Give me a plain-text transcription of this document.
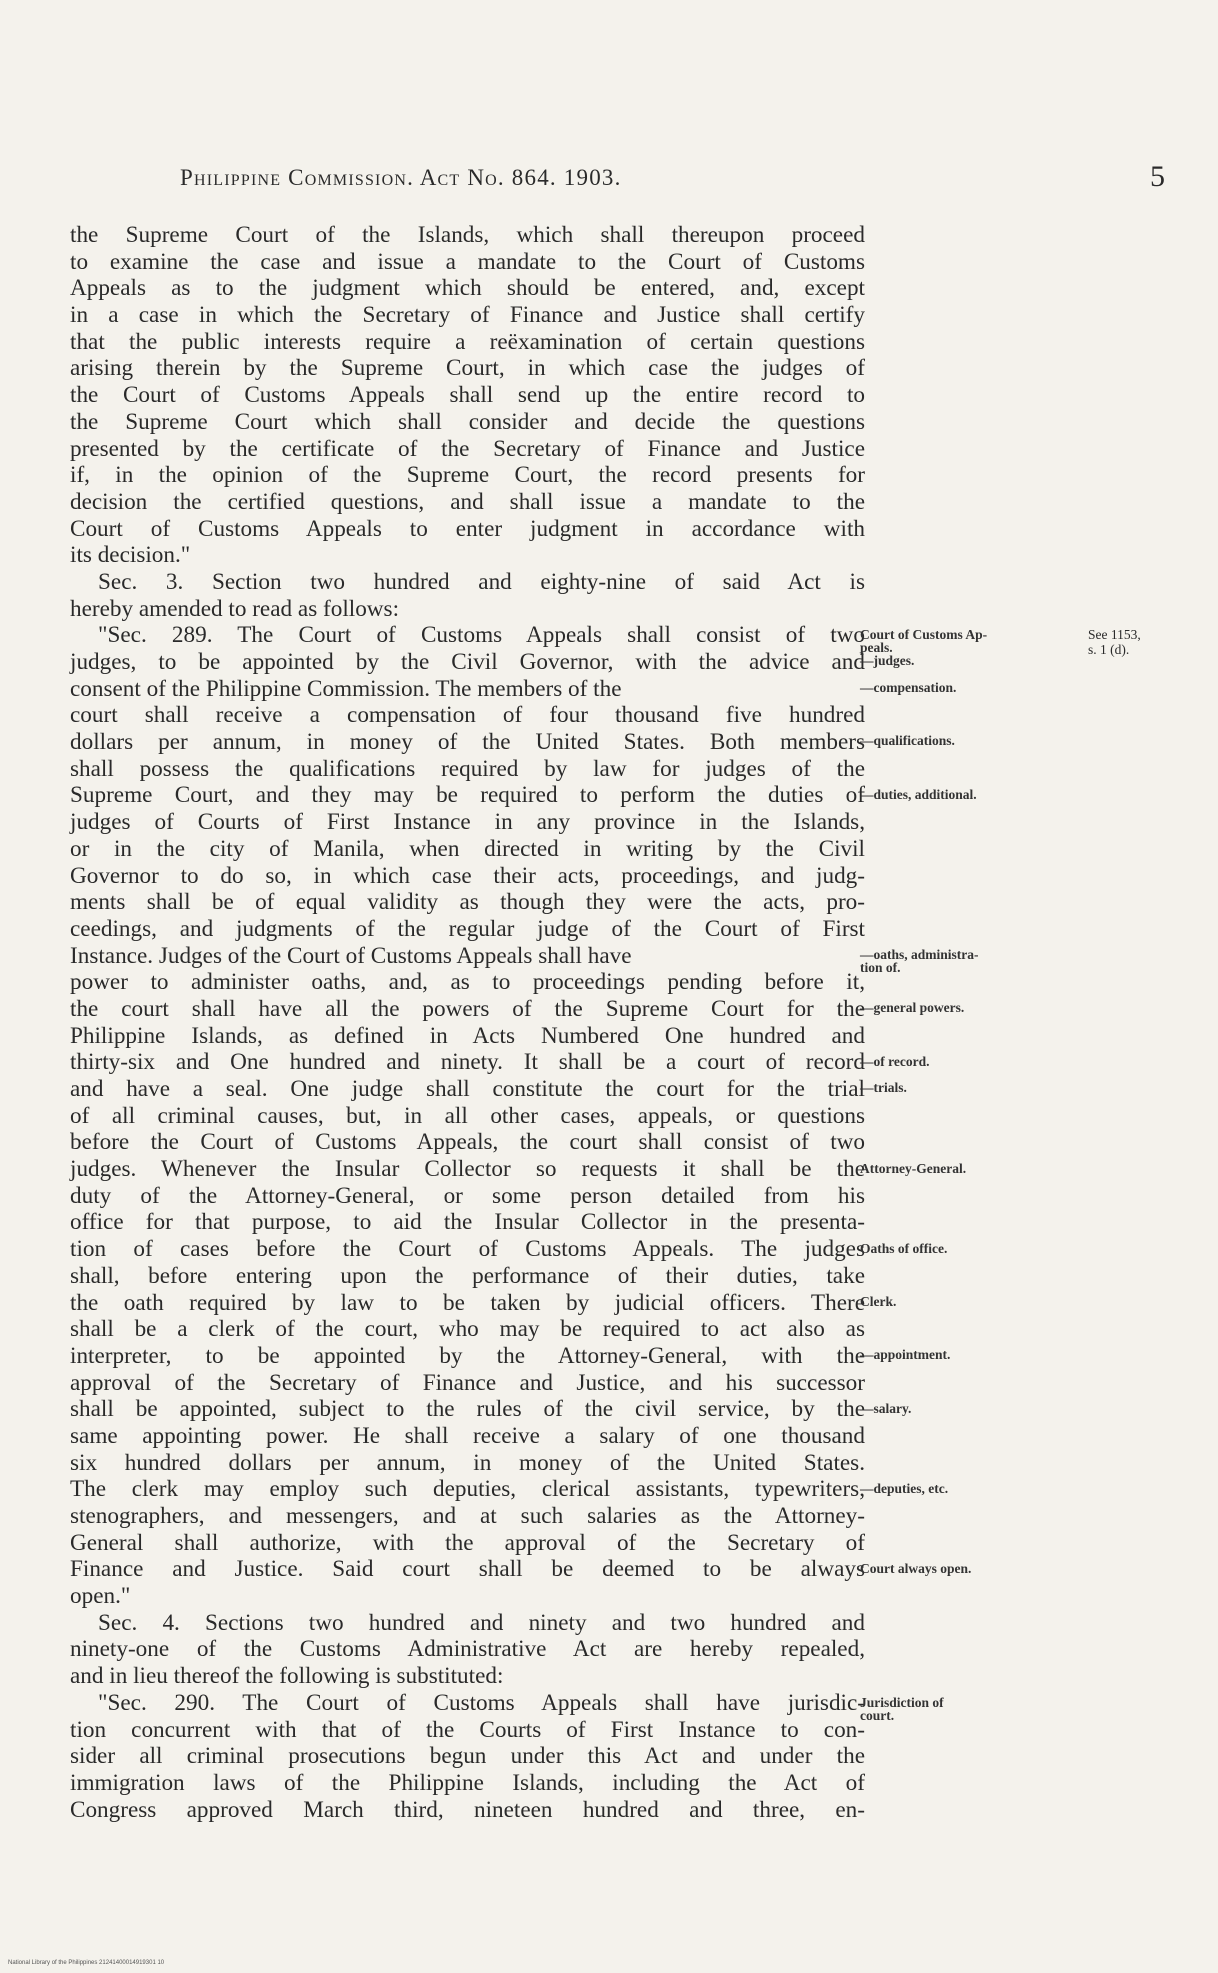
Philippine Commission. Act No. 864. 1903.	5
the Supreme Court of the Islands, which shall thereupon proceed
to examine the case and issue a mandate to the Court of Customs
Appeals as to the judgment which should be entered, and, except
in a case in which the Secretary of Finance and Justice shall certify
that the public interests require a reëxamination of certain questions
arising therein by the Supreme Court, in which case the judges of
the Court of Customs Appeals shall send up the entire record to
the Supreme Court which shall consider and decide the questions
presented by the certificate of the Secretary of Finance and Justice
if, in the opinion of the Supreme Court, the record presents for
decision the certified questions, and shall issue a mandate to the
Court of Customs Appeals to enter judgment in accordance with
its decision."
Sec. 3. Section two hundred and eighty-nine of said Act is
hereby amended to read as follows:
"Sec. 289. The Court of Customs Appeals shall consist of two
judges, to be appointed by the Civil Governor, with the advice and
consent of the Philippine Commission. The members of the
court shall receive a compensation of four thousand five hundred
dollars per annum, in money of the United States. Both members
shall possess the qualifications required by law for judges of the
Supreme Court, and they may be required to perform the duties of
judges of Courts of First Instance in any province in the Islands,
or in the city of Manila, when directed in writing by the Civil
Governor to do so, in which case their acts, proceedings, and judg-
ments shall be of equal validity as though they were the acts, pro-
ceedings, and judgments of the regular judge of the Court of First
Instance. Judges of the Court of Customs Appeals shall have
power to administer oaths, and, as to proceedings pending before it,
the court shall have all the powers of the Supreme Court for the
Philippine Islands, as defined in Acts Numbered One hundred and
thirty-six and One hundred and ninety. It shall be a court of record
and have a seal. One judge shall constitute the court for the trial
of all criminal causes, but, in all other cases, appeals, or questions
before the Court of Customs Appeals, the court shall consist of two
judges. Whenever the Insular Collector so requests it shall be the
duty of the Attorney-General, or some person detailed from his
office for that purpose, to aid the Insular Collector in the presenta-
tion of cases before the Court of Customs Appeals. The judges
shall, before entering upon the performance of their duties, take
the oath required by law to be taken by judicial officers. There
shall be a clerk of the court, who may be required to act also as
interpreter, to be appointed by the Attorney-General, with the
approval of the Secretary of Finance and Justice, and his successor
shall be appointed, subject to the rules of the civil service, by the
same appointing power. He shall receive a salary of one thousand
six hundred dollars per annum, in money of the United States.
The clerk may employ such deputies, clerical assistants, typewriters,
stenographers, and messengers, and at such salaries as the Attorney-
General shall authorize, with the approval of the Secretary of
Finance and Justice. Said court shall be deemed to be always
open."
Sec. 4. Sections two hundred and ninety and two hundred and
ninety-one of the Customs Administrative Act are hereby repealed,
and in lieu thereof the following is substituted:
"Sec. 290. The Court of Customs Appeals shall have jurisdic-
tion concurrent with that of the Courts of First Instance to con-
sider all criminal prosecutions begun under this Act and under the
immigration laws of the Philippine Islands, including the Act of
Congress approved March third, nineteen hundred and three, en-
Court of Customs Ap-
peals.
—judges.
—compensation.
—qualifications.
—duties, additional.
—oaths, administra-
tion of.
—general powers.
—of record.
—trials.
Attorney-General.
Oaths of office.
Clerk.
—appointment.
—salary.
—deputies, etc.
Court always open.
Jurisdiction of
court.
See 1153,
s. 1 (d).
National Library of the Philippines 21241400014919301 10
